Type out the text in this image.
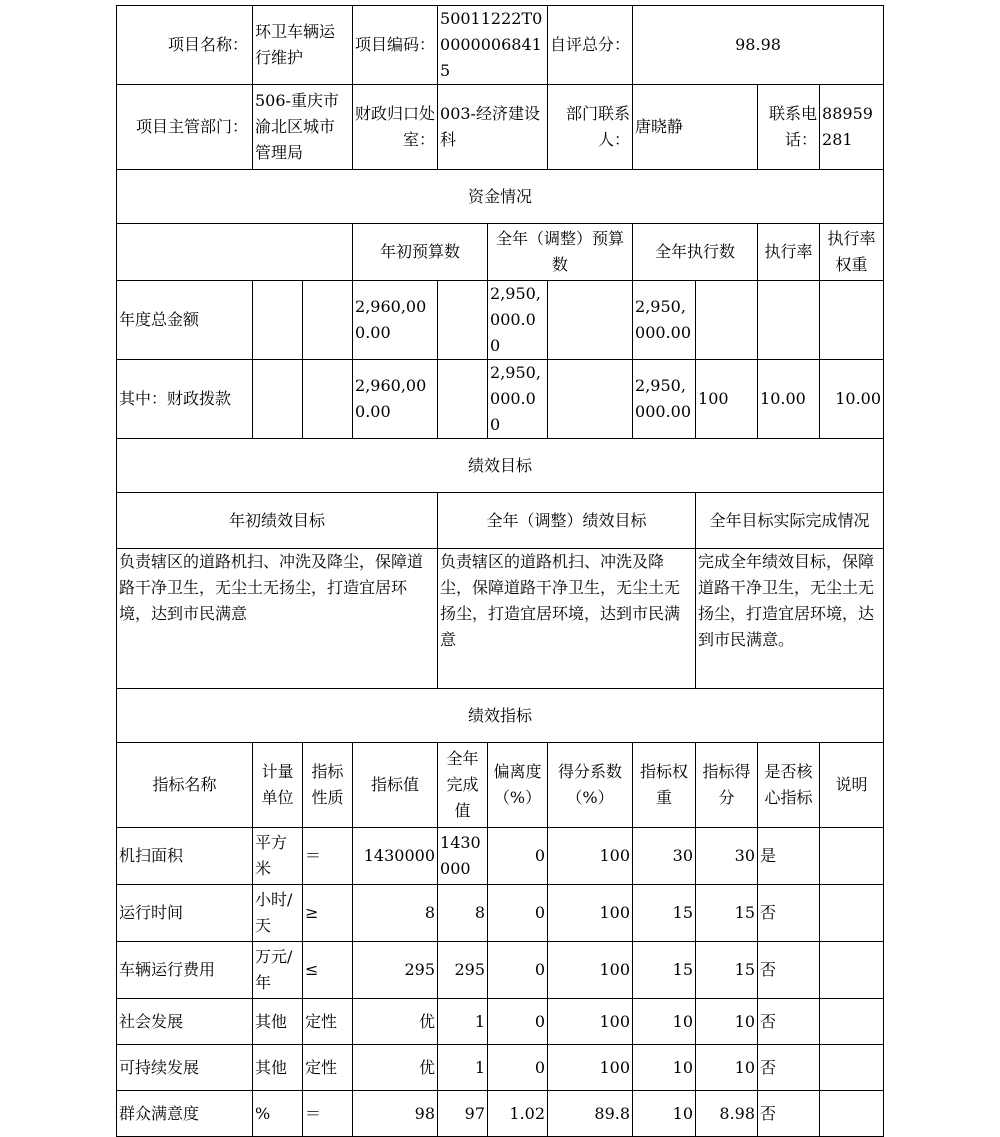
项目名称：	环卫车辆运行维护		项目编码：	50011222T000000068415		自评总分：	98.98			
项目主管部门：	506-重庆市渝北区城市管理局		财政归口处室：	003-经济建设科		部门联系人：	唐晓静		联系电话：	88959281
资金情况										
			年初预算数		全年（调整）预算数		全年执行数		执行率	执行率权重
年度总金额			2,960,000.00		2,950,000.00		2,950,000.00			
其中：财政拨款			2,960,000.00		2,950,000.00		2,950,000.00	100	10.00	10.00
绩效目标										
年初绩效目标				全年（调整）绩效目标				全年目标实际完成情况		
负责辖区的道路机扫、冲洗及降尘，保障道路干净卫生，无尘土无扬尘，打造宜居环境，达到市民满意				负责辖区的道路机扫、冲洗及降尘，保障道路干净卫生，无尘土无扬尘，打造宜居环境，达到市民满意				完成全年绩效目标，保障道路干净卫生，无尘土无扬尘，打造宜居环境，达到市民满意。		
绩效指标										
指标名称	计量单位	指标性质	指标值	全年完成值	偏离度（%）	得分系数（%）	指标权重	指标得分	是否核心指标	说明
机扫面积	平方米	＝	1430000	1430000	0	100	30	30	是	
运行时间	小时/天	≥	8	8	0	100	15	15	否	
车辆运行费用	万元/年	≤	295	295	0	100	15	15	否	
社会发展	其他	定性	优	1	0	100	10	10	否	
可持续发展	其他	定性	优	1	0	100	10	10	否	
群众满意度	%	＝	98	97	1.02	89.8	10	8.98	否	
